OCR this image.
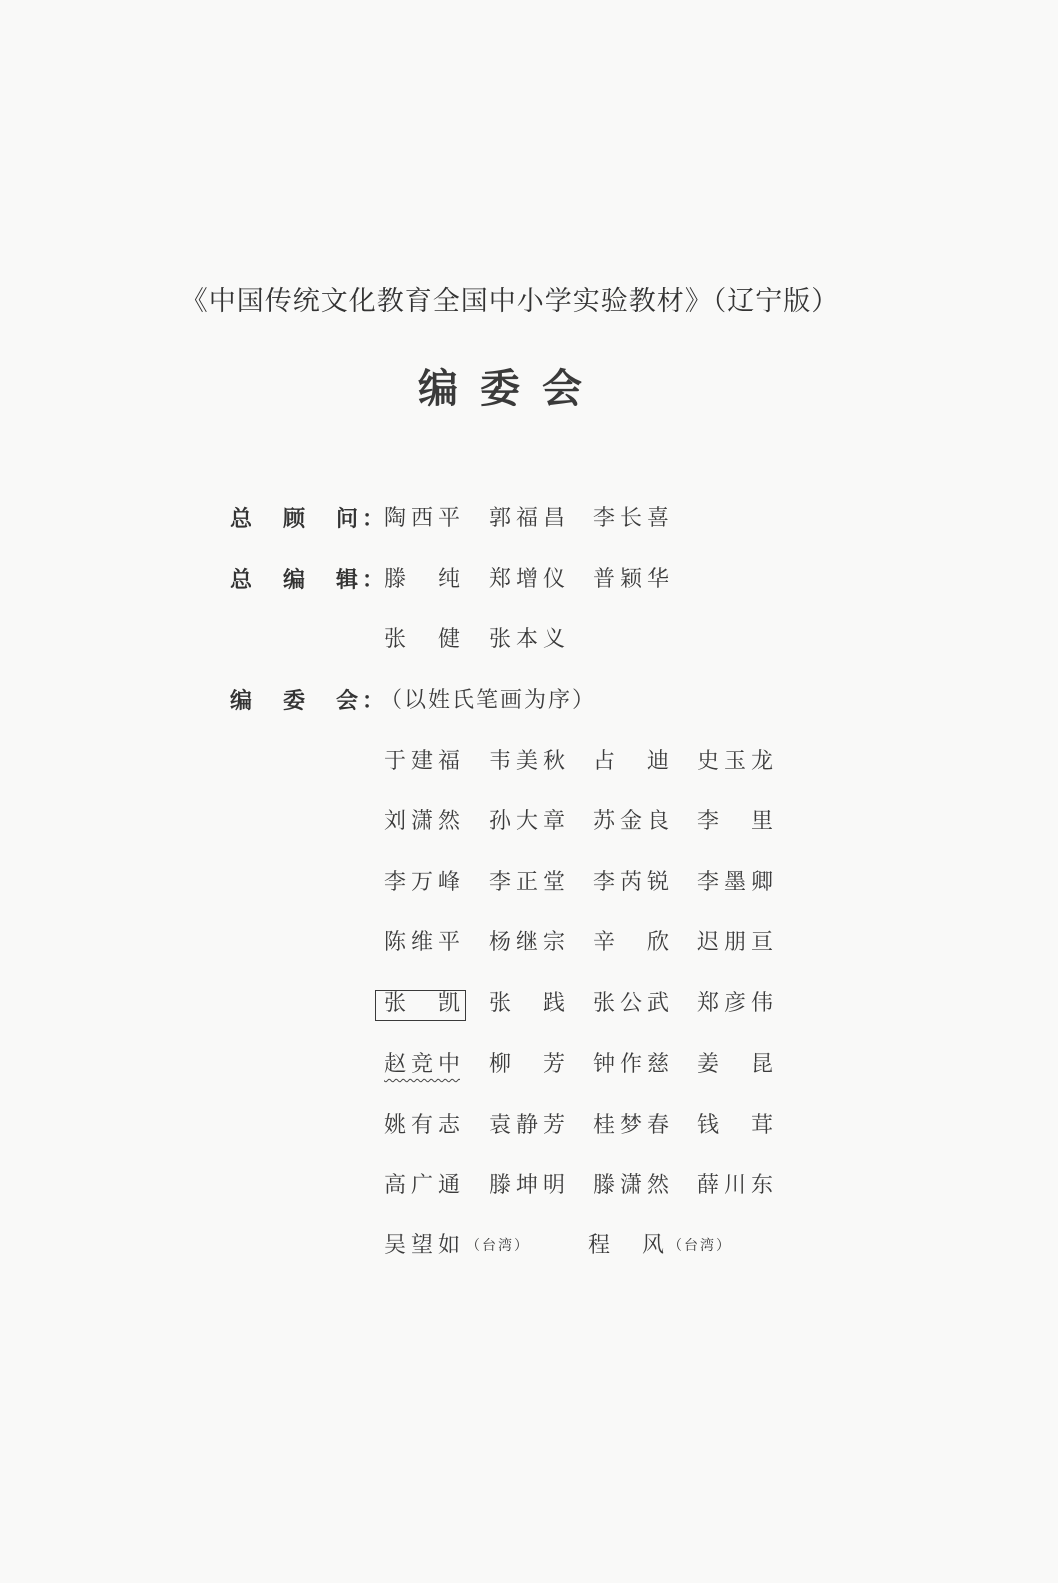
《中国传统文化教育全国中小学实验教材》（辽宁版）
编委会
总 顾 问 ： 陶西平 郭福昌 李长喜
总 编 辑 ： 滕 纯 郑增仪 普颖华
张 健 张本义
编 委 会 ：
（以姓氏笔画为序）
于建福 韦美秋 占 迪 史玉龙
刘潇然 孙大章 苏金良 李 里
李万峰 李正堂 李芮锐 李墨卿
陈维平 杨继宗 辛 欣 迟朋亘
张 凯 张 践 张公武 郑彦伟
赵竞中 柳 芳 钟作慈 姜 昆
姚有志 袁静芳 桂梦春 钱 茸
高广通 滕坤明 滕潇然 薛川东
吴望如 （台湾）	程 风 （台湾）
